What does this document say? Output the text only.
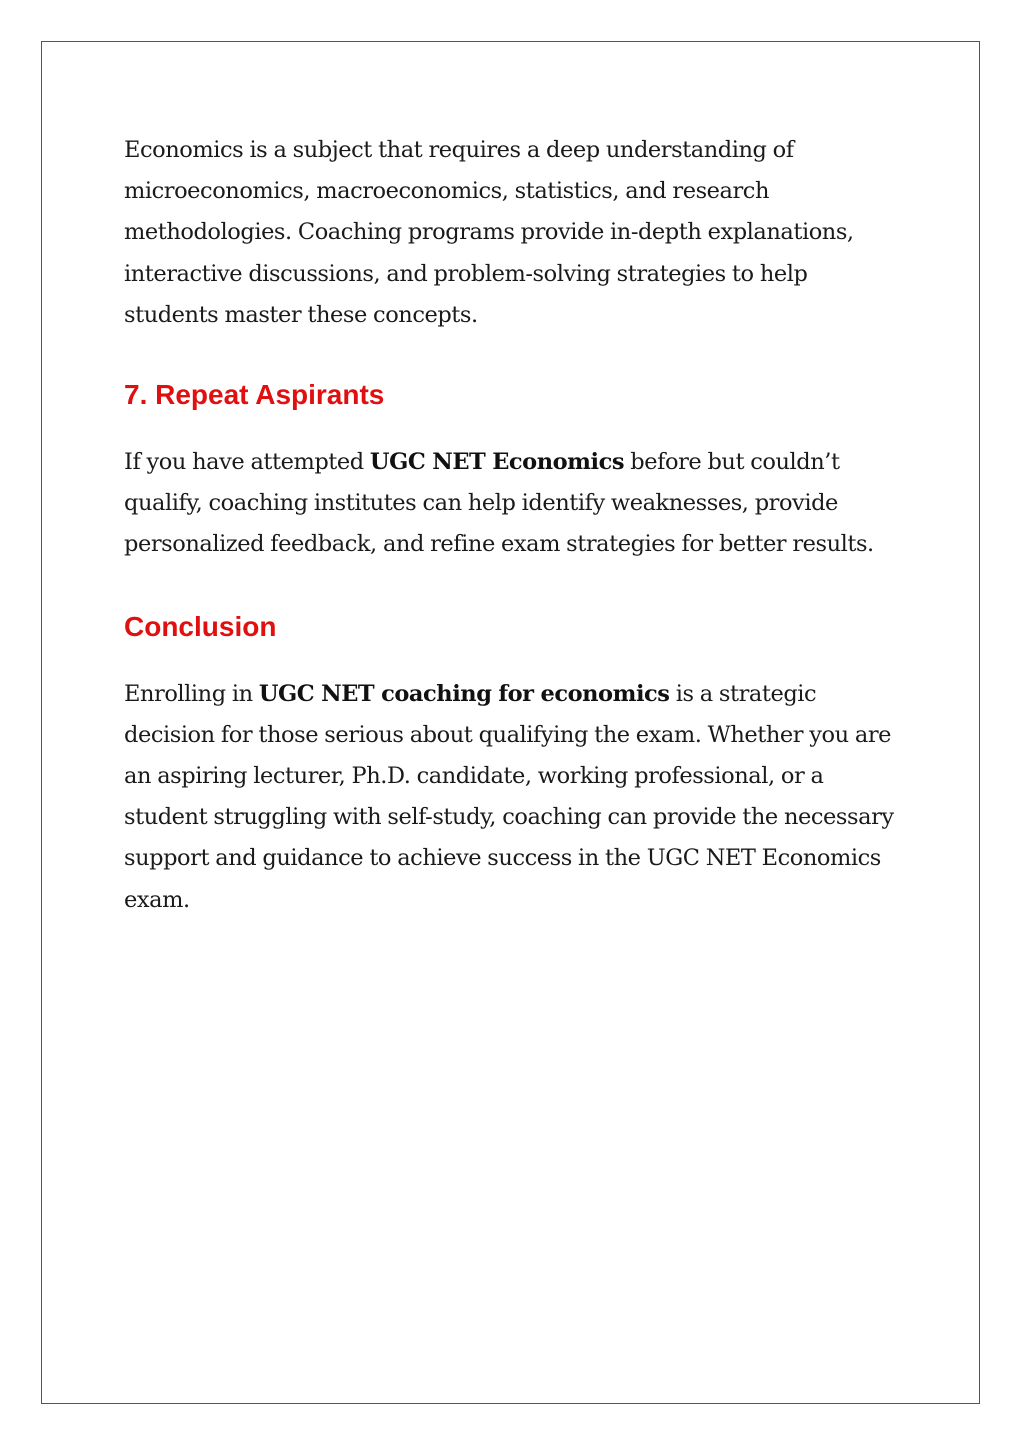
Economics is a subject that requires a deep understanding of microeconomics, macroeconomics, statistics, and research methodologies. Coaching programs provide in-depth explanations, interactive discussions, and problem-solving strategies to help students master these concepts.

7. Repeat Aspirants

If you have attempted UGC NET Economics before but couldn’t qualify, coaching institutes can help identify weaknesses, provide personalized feedback, and refine exam strategies for better results.

Conclusion

Enrolling in UGC NET coaching for economics is a strategic decision for those serious about qualifying the exam. Whether you are an aspiring lecturer, Ph.D. candidate, working professional, or a student struggling with self-study, coaching can provide the necessary support and guidance to achieve success in the UGC NET Economics exam.
